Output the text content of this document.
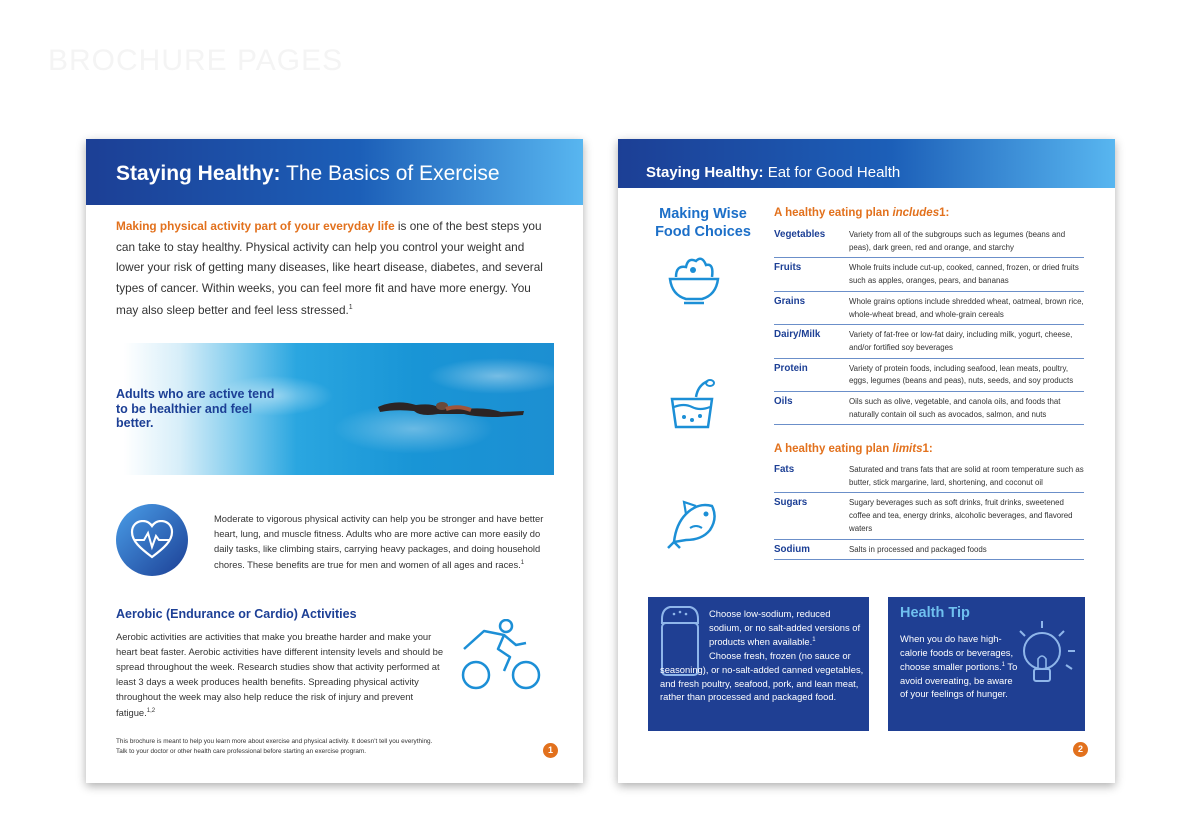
BROCHURE PAGES
Staying Healthy: The Basics of Exercise

Making physical activity part of your everyday life is one of the best steps you can take to stay healthy. Physical activity can help you control your weight and lower your risk of getting many diseases, like heart disease, diabetes, and several types of cancer. Within weeks, you can feel more fit and have more energy. You may also sleep better and feel less stressed.$^1$

Adults who are active tend to be healthier and feel better.

Moderate to vigorous physical activity can help you be stronger and have better heart, lung, and muscle fitness. Adults who are more active can more easily do daily tasks, like climbing stairs, carrying heavy packages, and doing household chores. These benefits are true for men and women of all ages and races.$^1$

Aerobic (Endurance or Cardio) Activities

Aerobic activities are activities that make you breathe harder and make your heart beat faster. Aerobic activities have different intensity levels and should be spread throughout the week. Research studies show that activity performed at least 3 days a week produces health benefits. Spreading physical activity throughout the week may also help reduce the risk of injury and prevent fatigue.$^{1,2}$

This brochure is meant to help you learn more about exercise and physical activity. It doesn’t tell you everything.
Talk to your doctor or other health care professional before starting an exercise program.	1
Staying Healthy: Eat for Good Health
Making Wise Food Choices
A healthy eating plan includes1:
Vegetables	Variety from all of the subgroups such as legumes (beans and peas), dark green, red and orange, and starchy
Fruits	Whole fruits include cut-up, cooked, canned, frozen, or dried fruits such as apples, oranges, pears, and bananas
Grains	Whole grains options include shredded wheat, oatmeal, brown rice, whole-wheat bread, and whole-grain cereals
Dairy/Milk	Variety of fat-free or low-fat dairy, including milk, yogurt, cheese, and/or fortified soy beverages
Protein	Variety of protein foods, including seafood, lean meats, poultry, eggs, legumes (beans and peas), nuts, seeds, and soy products
Oils	Oils such as olive, vegetable, and canola oils, and foods that naturally contain oil such as avocados, salmon, and nuts
A healthy eating plan limits1:
Fats	Saturated and trans fats that are solid at room temperature such as butter, stick margarine, lard, shortening, and coconut oil
Sugars	Sugary beverages such as soft drinks, fruit drinks, sweetened coffee and tea, energy drinks, alcoholic beverages, and flavored waters
Sodium	Salts in processed and packaged foods
Choose low-sodium, reduced sodium, or no salt-added versions of products when available.$^1$
Choose fresh, frozen (no sauce or seasoning), or no-salt-added canned vegetables, and fresh poultry, seafood, pork, and lean meat, rather than processed and packaged food.
Health Tip
When you do have high-calorie foods or beverages, choose smaller portions.$^1$ To avoid overeating, be aware of your feelings of hunger.
2
